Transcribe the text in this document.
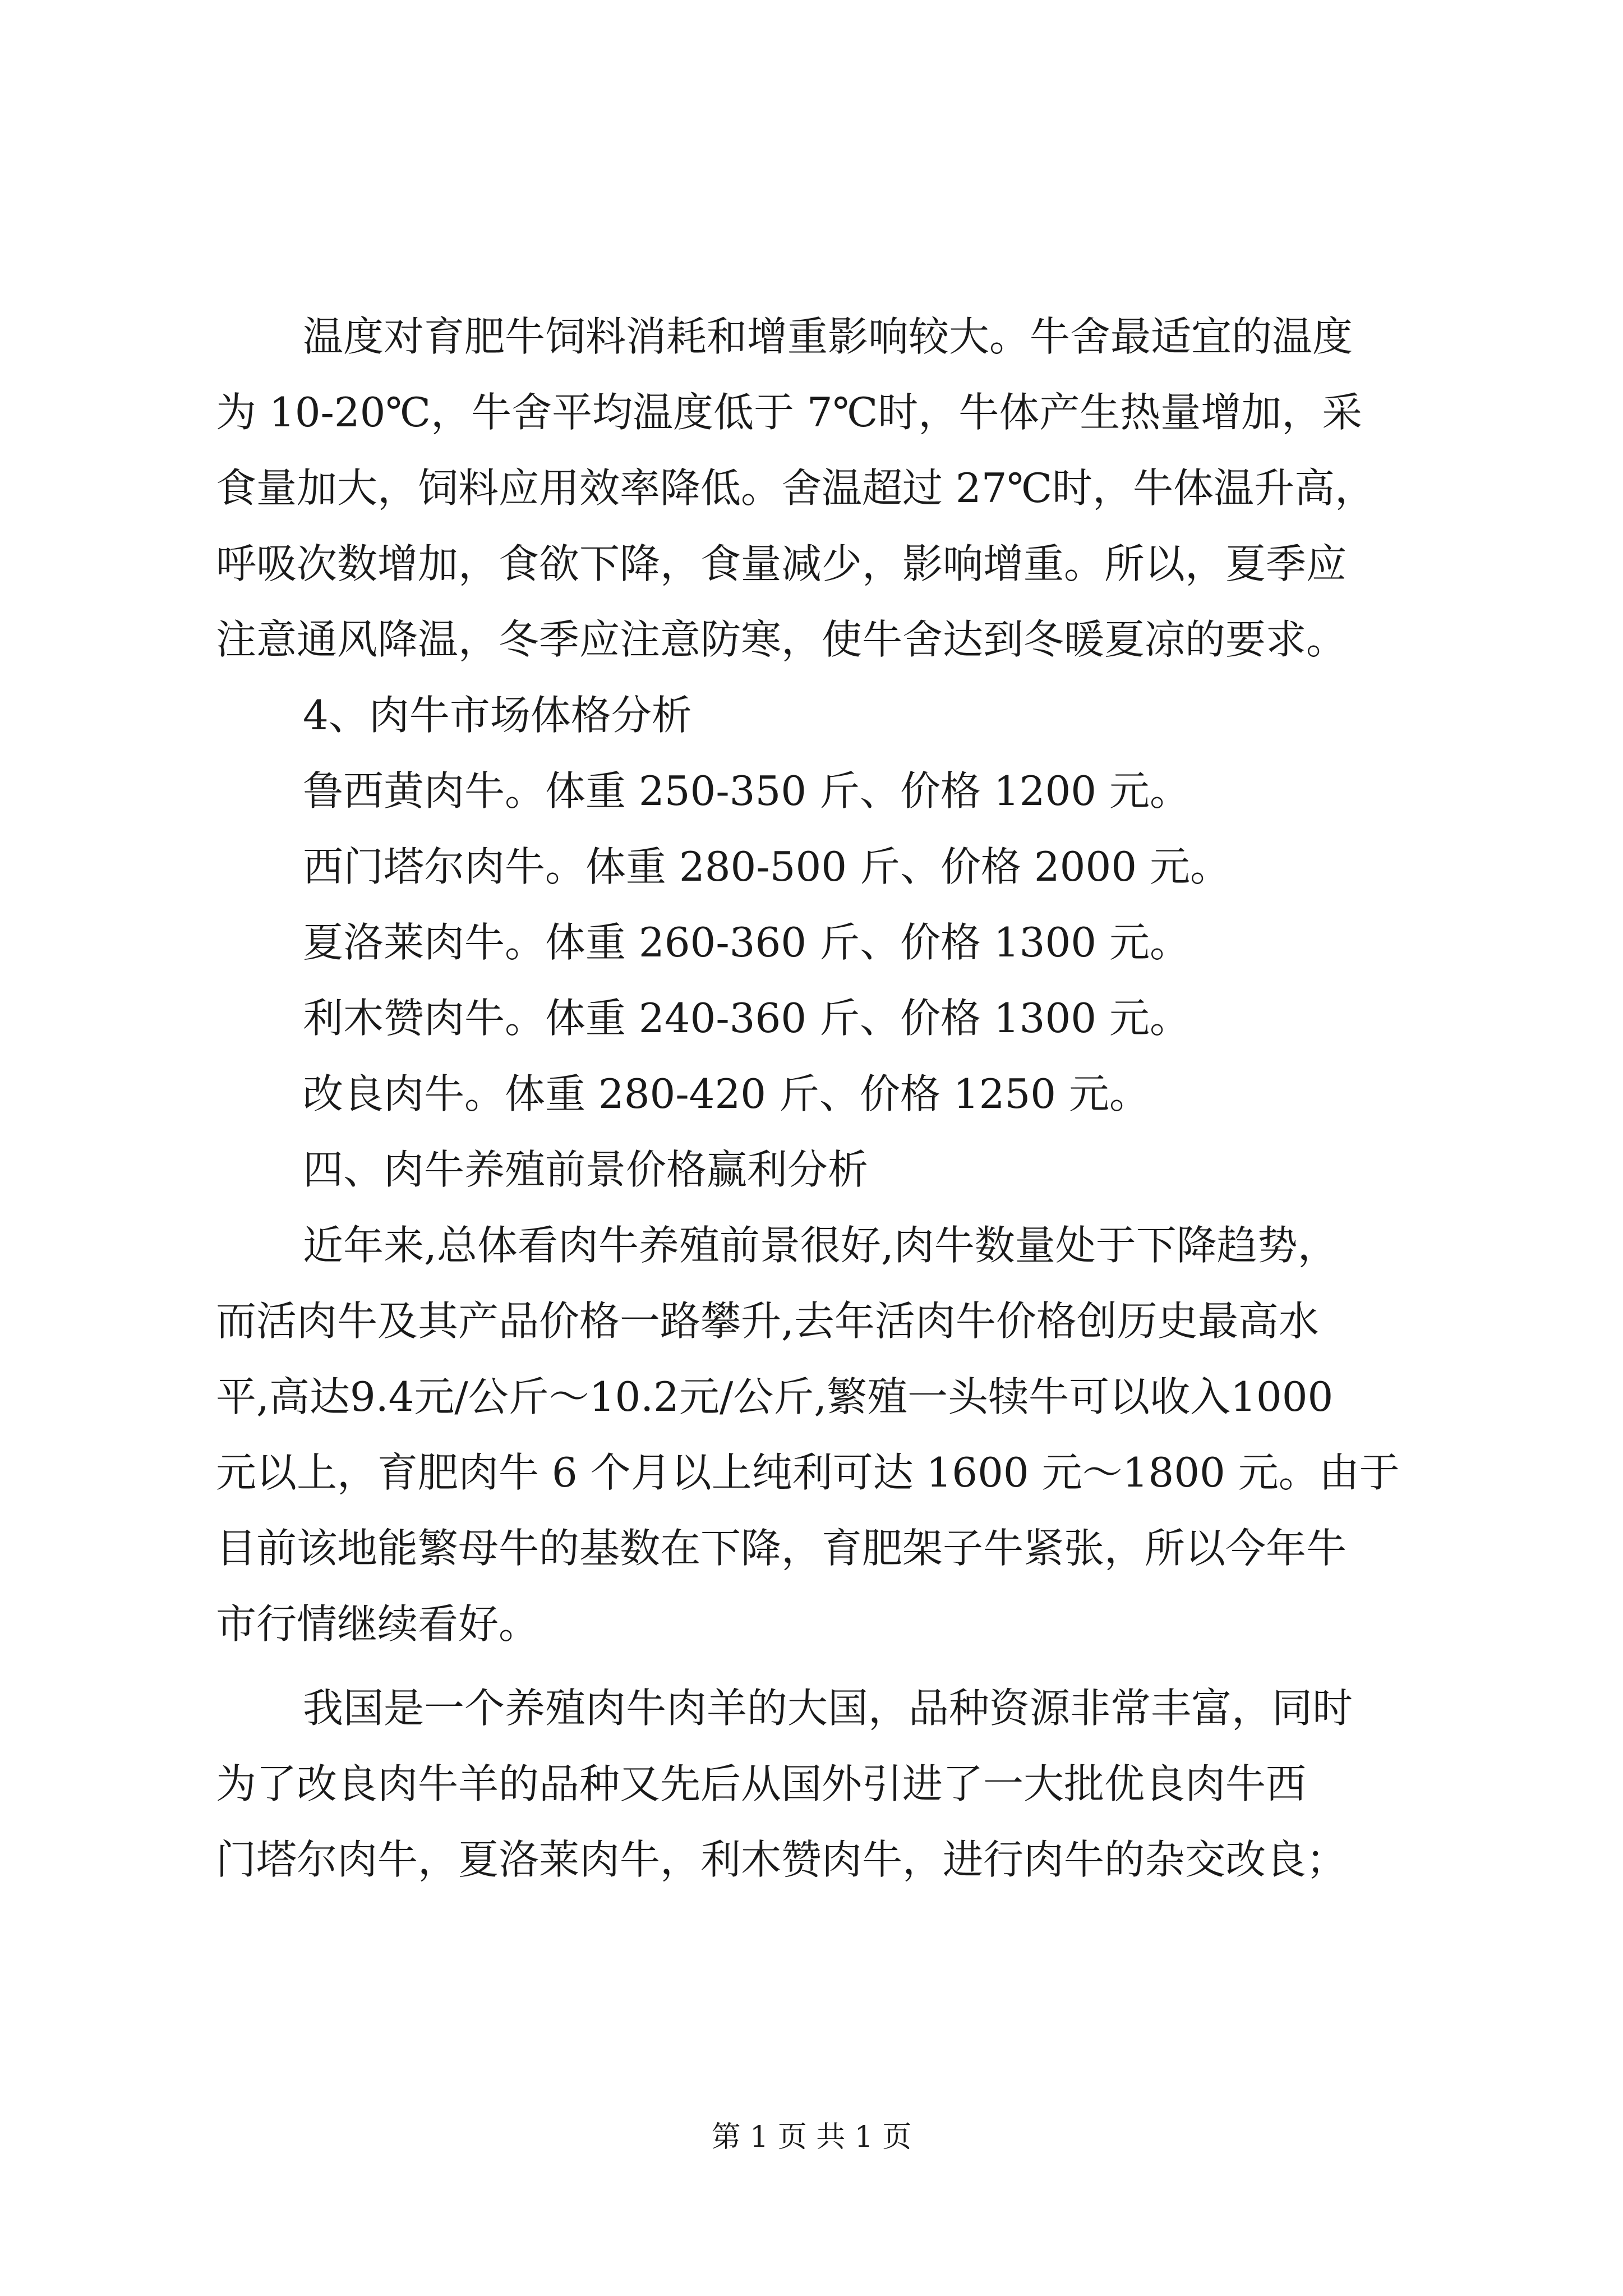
温度对育肥牛饲料消耗和增重影响较大。牛舍最适宜的温度
为 10-20℃，牛舍平均温度低于 7℃时，牛体产生热量增加，采
食量加大，饲料应用效率降低。舍温超过 27℃时，牛体温升高，
呼吸次数增加，食欲下降，食量减少，影响增重。所以，夏季应
注意通风降温，冬季应注意防寒，使牛舍达到冬暖夏凉的要求。
4、肉牛市场体格分析
鲁西黄肉牛。体重 250-350 斤、价格 1200 元。
西门塔尔肉牛。体重 280-500 斤、价格 2000 元。
夏洛莱肉牛。体重 260-360 斤、价格 1300 元。
利木赞肉牛。体重 240-360 斤、价格 1300 元。
改良肉牛。体重 280-420 斤、价格 1250 元。
四、肉牛养殖前景价格赢利分析
近年来,总体看肉牛养殖前景很好,肉牛数量处于下降趋势，
而活肉牛及其产品价格一路攀升,去年活肉牛价格创历史最高水
平,高达9.4元/公斤～10.2元/公斤,繁殖一头犊牛可以收入1000
元以上，育肥肉牛 6 个月以上纯利可达 1600 元～1800 元。由于
目前该地能繁母牛的基数在下降，育肥架子牛紧张，所以今年牛
市行情继续看好。
我国是一个养殖肉牛肉羊的大国，品种资源非常丰富，同时
为了改良肉牛羊的品种又先后从国外引进了一大批优良肉牛西
门塔尔肉牛，夏洛莱肉牛，利木赞肉牛，进行肉牛的杂交改良；
第 1 页 共 1 页
